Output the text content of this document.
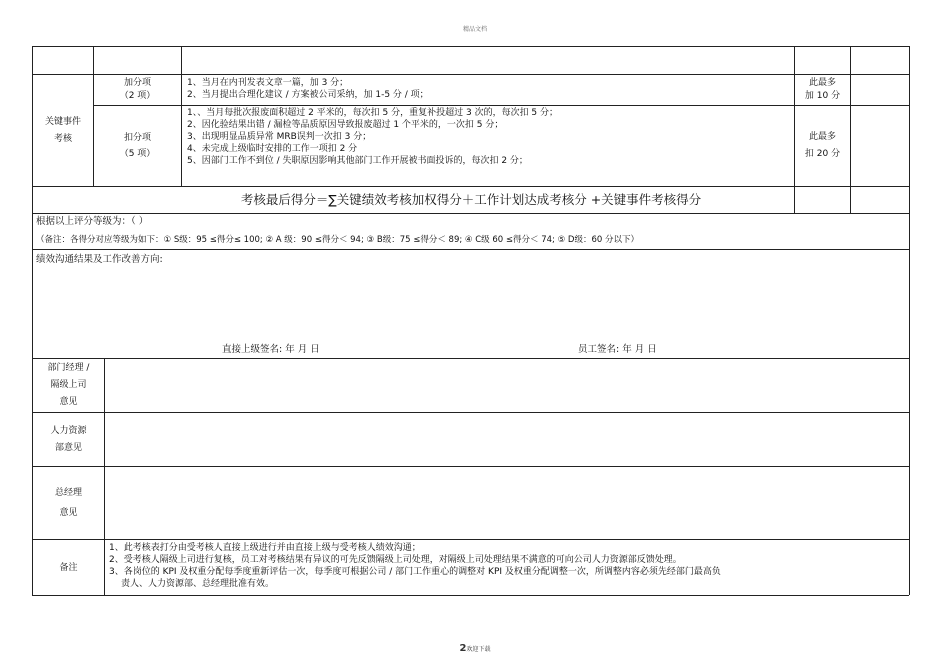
精品文档
关键事件考核
加分项
（2 项）
1、当月在内刊发表文章一篇，加 3 分；
2、当月提出合理化建议 / 方案被公司采纳，加 1-5 分 / 项；
此最多
加 10 分
扣分项
（5 项）
1、、当月每批次报废面积超过 2 平米的，每次扣 5 分，重复补投超过 3 次的，每次扣 5 分；
2、因化验结果出错 / 漏检等品质原因导致报废超过 1 个平米的，一次扣 5 分；
3、出现明显品质异常 MRB误判一次扣 3 分；
4、未完成上级临时安排的工作一项扣 2 分
5、因部门工作不到位 / 失职原因影响其他部门工作开展被书面投诉的，每次扣 2 分；
此最多
扣 20 分
考核最后得分＝∑关键绩效考核加权得分＋工作计划达成考核分 +关键事件考核得分
根据以上评分等级为：（ ）
（备注：各得分对应等级为如下：① S级：95 ≤得分≤ 100; ② A 级：90 ≤得分＜ 94; ③ B级：75 ≤得分＜ 89; ④ C级 60 ≤得分＜ 74; ⑤ D级：60 分以下）
绩效沟通结果及工作改善方向:
直接上级签名: 年 月 日	员工签名: 年 月 日
部门经理 /
隔级上司
意见
人力资源
部意见
总经理
意见
备注
1、此考核表打分由受考核人直接上级进行并由直接上级与受考核人绩效沟通；
2、受考核人隔级上司进行复核，员工对考核结果有异议的可先反馈隔级上司处理，对隔级上司处理结果不满意的可向公司人力资源部反馈处理。
3、各岗位的 KPI 及权重分配每季度重新评估一次，每季度可根据公司 / 部门工作重心的调整对 KPI 及权重分配调整一次，所调整内容必须先经部门最高负
责人、人力资源部、总经理批准有效。
2欢迎下载
